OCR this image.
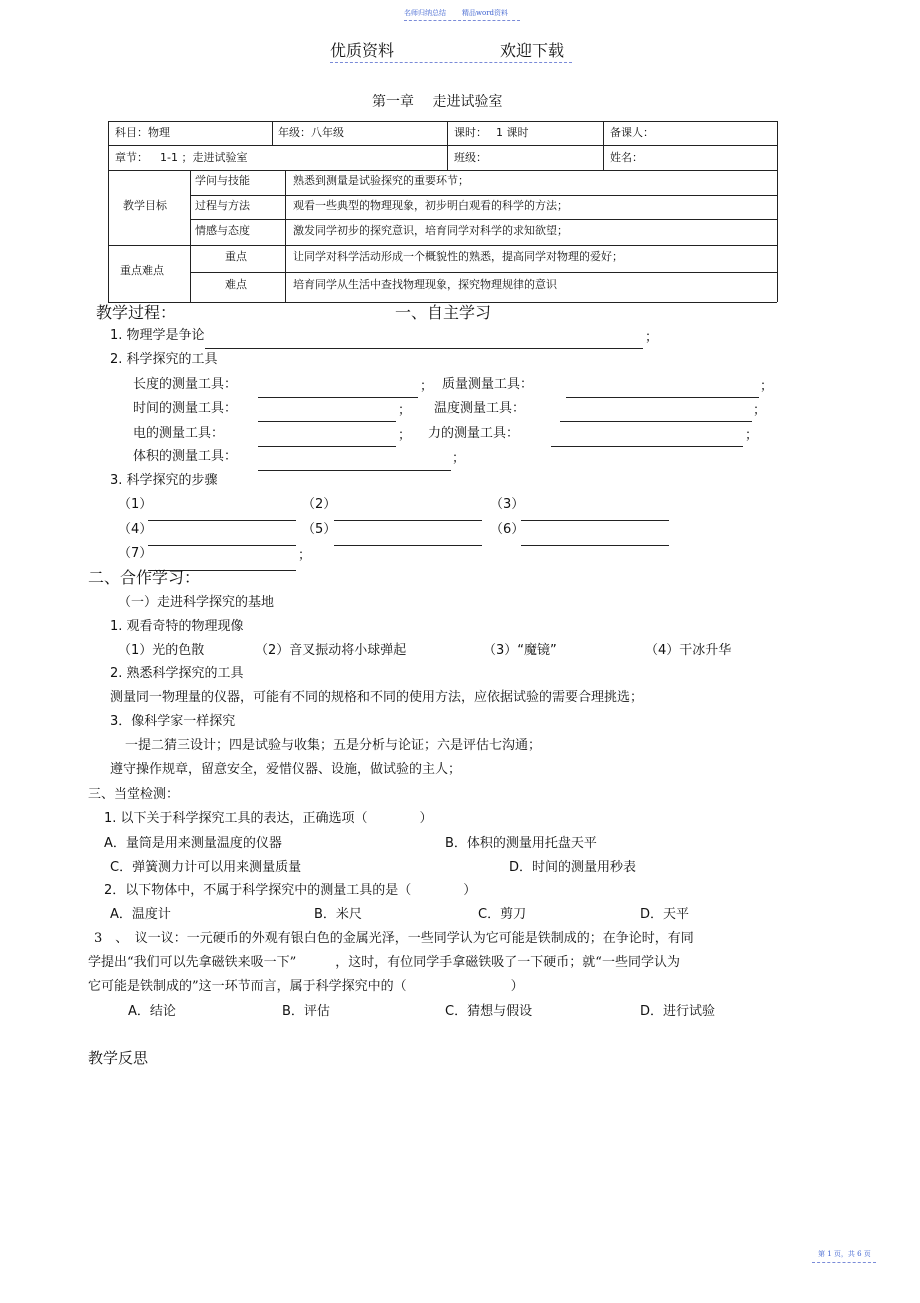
名师归纳总结 精品word资料
优质资料	欢迎下载
第一章　 走进试验室
科目：物理	年级：八年级	课时： 1 课时	备课人：
章节： 1-1 ；走进试验室	班级：	姓名：
教学目标
学问与技能	熟悉到测量是试验探究的重要环节；
过程与方法	观看一些典型的物理现象，初步明白观看的科学的方法；
情感与态度	激发同学初步的探究意识，培育同学对科学的求知欲望；
重点难点
重点	让同学对科学活动形成一个概貌性的熟悉，提高同学对物理的爱好；
难点	培育同学从生活中查找物理现象，探究物理规律的意识
教学过程：	一、自主学习
1. 物理学是争论	；
2. 科学探究的工具
长度的测量工具：	； 质量测量工具：	；
时间的测量工具：	； 温度测量工具：	；
电的测量工具：	； 力的测量工具：	；
体积的测量工具：	；
3. 科学探究的步骤
（1）	（2）	（3）
（4）	（5）	（6）
（7）	；
二、合作学习：
（一）走进科学探究的基地
1. 观看奇特的物理现像
（1）光的色散	（2）音叉振动将小球弹起	（3）“魔镜”	（4）干冰升华
2. 熟悉科学探究的工具
测量同一物理量的仪器，可能有不同的规格和不同的使用方法，应依据试验的需要合理挑选；
3．像科学家一样探究
一提二猜三设计；四是试验与收集；五是分析与论证；六是评估七沟通；
遵守操作规章，留意安全，爱惜仪器、设施，做试验的主人；
三、当堂检测：
1. 以下关于科学探究工具的表达，正确选项（　　　　）
A．量筒是用来测量温度的仪器	B．体积的测量用托盘天平
C．弹簧测力计可以用来测量质量	D．时间的测量用秒表
2．以下物体中，不属于科学探究中的测量工具的是（　　　　）
A．温度计	B．米尺	C．剪刀	D．天平
3　、　议一议：一元硬币的外观有银白色的金属光泽，一些同学认为它可能是铁制成的；在争论时，有同
学提出“我们可以先拿磁铁来吸一下”　　　，这时，有位同学手拿磁铁吸了一下硬币；就“一些同学认为
它可能是铁制成的”这一环节而言，属于科学探究中的（　　　　　　　　）
A．结论	B．评估	C．猜想与假设	D．进行试验
教学反思
第 1 页，共 6 页
